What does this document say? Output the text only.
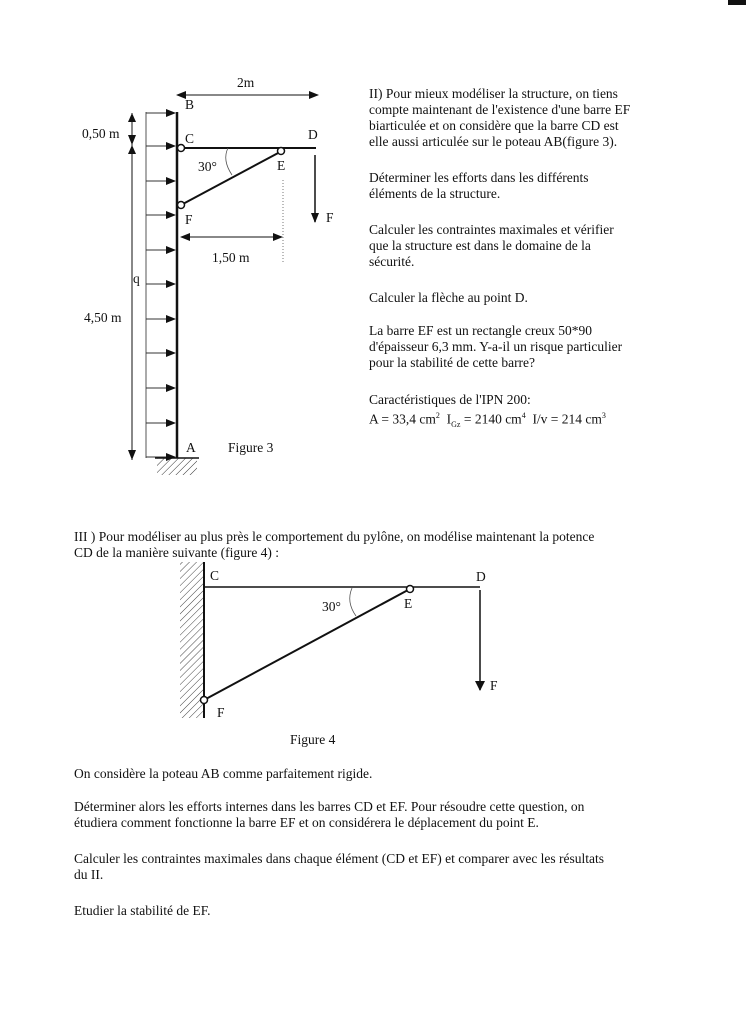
2m
0,50 m
4,50 m
q
1,50 m
B
C	D
E
F	F
30°
A Figure 3

II) Pour mieux modéliser la structure, on tiens

compte maintenant de l'existence d'une barre EF

biarticulée et on considère que la barre CD est

elle aussi articulée sur le poteau AB(figure 3).

Déterminer les efforts dans les différents

éléments de la structure.

Calculer les contraintes maximales et vérifier

que la structure est dans le domaine de la

sécurité.

Calculer la flèche au point D.

La barre EF est un rectangle creux 50*90

d'épaisseur 6,3 mm. Y-a-il un risque particulier

pour la stabilité de cette barre?

Caractéristiques de l'IPN 200:

A = 33,4 $cm^2$ $I_{Gz} = 2140$ $cm^4$ I/v = 214 $cm^3$

III ) Pour modéliser au plus près le comportement du pylône, on modélise maintenant la potence

CD de la manière suivante (figure 4) :

C	D
E
F
F
30°
Figure 4

On considère la poteau AB comme parfaitement rigide.

Déterminer alors les efforts internes dans les barres CD et EF. Pour résoudre cette question, on

étudiera comment fonctionne la barre EF et on considérera le déplacement du point E.

Calculer les contraintes maximales dans chaque élément (CD et EF) et comparer avec les résultats

du II.

Etudier la stabilité de EF.
